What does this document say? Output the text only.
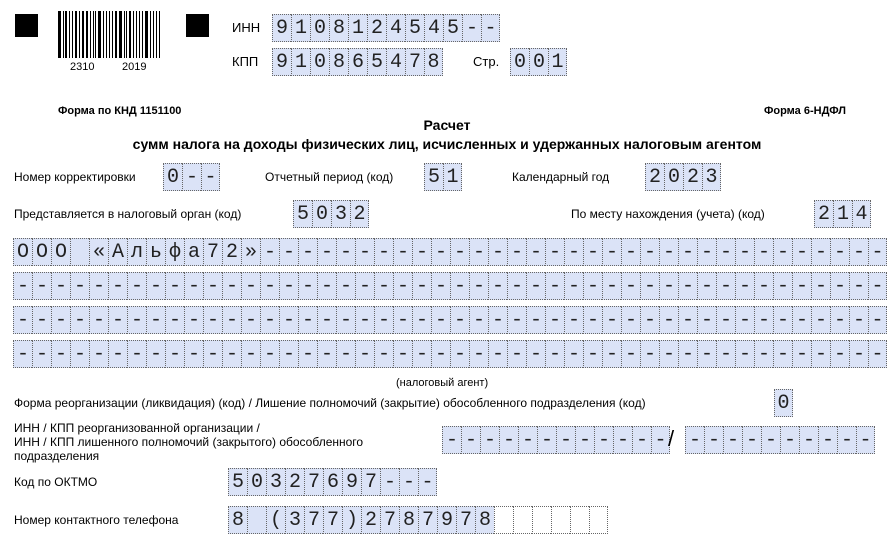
2310	2019
ИНН 9 1 0 8 1 2 4 5 4 5 - -
КПП 9 1 0 8 6 5 4 7 8	Стр. 0 0 1
Форма по КНД 1151100	Форма 6-НДФЛ
Расчет
сумм налога на доходы физических лиц, исчисленных и удержанных налоговым агентом
Номер корректировки 0 - -	Отчетный период (код) 5 1	Календарный год 2 0 2 3
Представляется в налоговый орган (код)	5 0 3 2	По месту нахождения (учета) (код)	2 1 4
О О О « А л ь ф а 7 2 » - - - - - - - - - - - - - - - - - - - - - - - - - - - - - - - - -
- - - - - - - - - - - - - - - - - - - - - - - - - - - - - - - - - - - - - - - - - - - - - -
- - - - - - - - - - - - - - - - - - - - - - - - - - - - - - - - - - - - - - - - - - - - - -
- - - - - - - - - - - - - - - - - - - - - - - - - - - - - - - - - - - - - - - - - - - - - -
(налоговый агент)
Форма реорганизации (ликвидация) (код) / Лишение полномочий (закрытие) обособленного подразделения (код)	0
ИНН / КПП реорганизованной организации /
ИНН / КПП лишенного полномочий (закрытого) обособленного
подразделения
- - - - - - - - - - - - / - - - - - - - - - -
Код по ОКТМО	5 0 3 2 7 6 9 7 - - -
Номер контактного телефона	8 ( 3 7 7 ) 2 7 8 7 9 7 8
